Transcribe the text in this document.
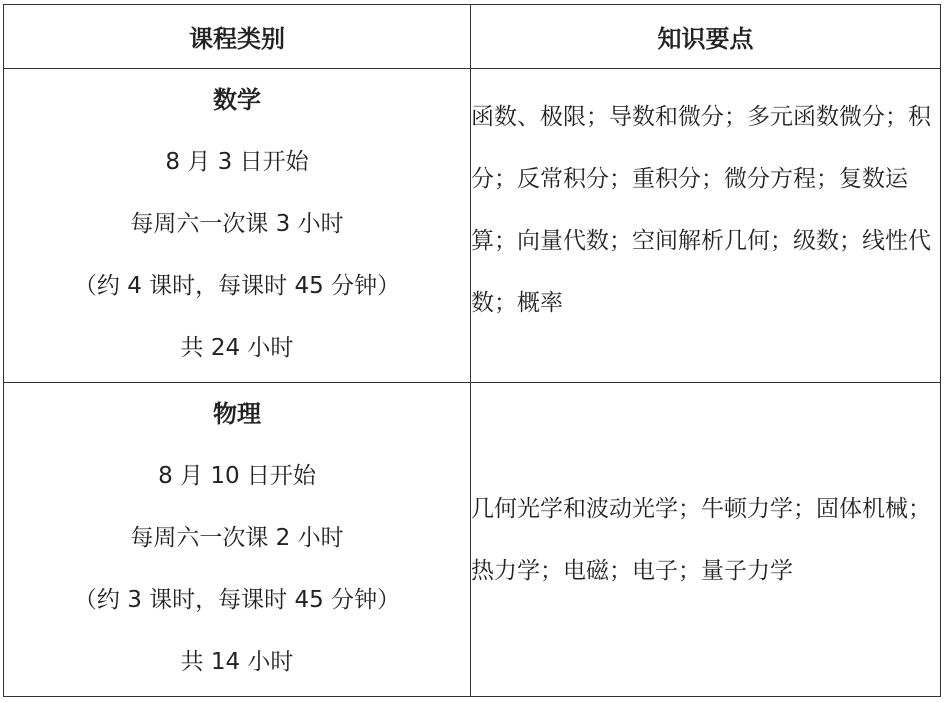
课程类别	知识要点

数学
8 月 3 日开始
每周六一次课 3 小时
（约 4 课时，每课时 45 分钟）
共 24 小时	函数、极限；导数和微分；多元函数微分；积分；反常积分；重积分；微分方程；复数运算；向量代数；空间解析几何；级数；线性代数；概率

物理
8 月 10 日开始
每周六一次课 2 小时
（约 3 课时，每课时 45 分钟）
共 14 小时	几何光学和波动光学；牛顿力学；固体机械；热力学；电磁；电子；量子力学
